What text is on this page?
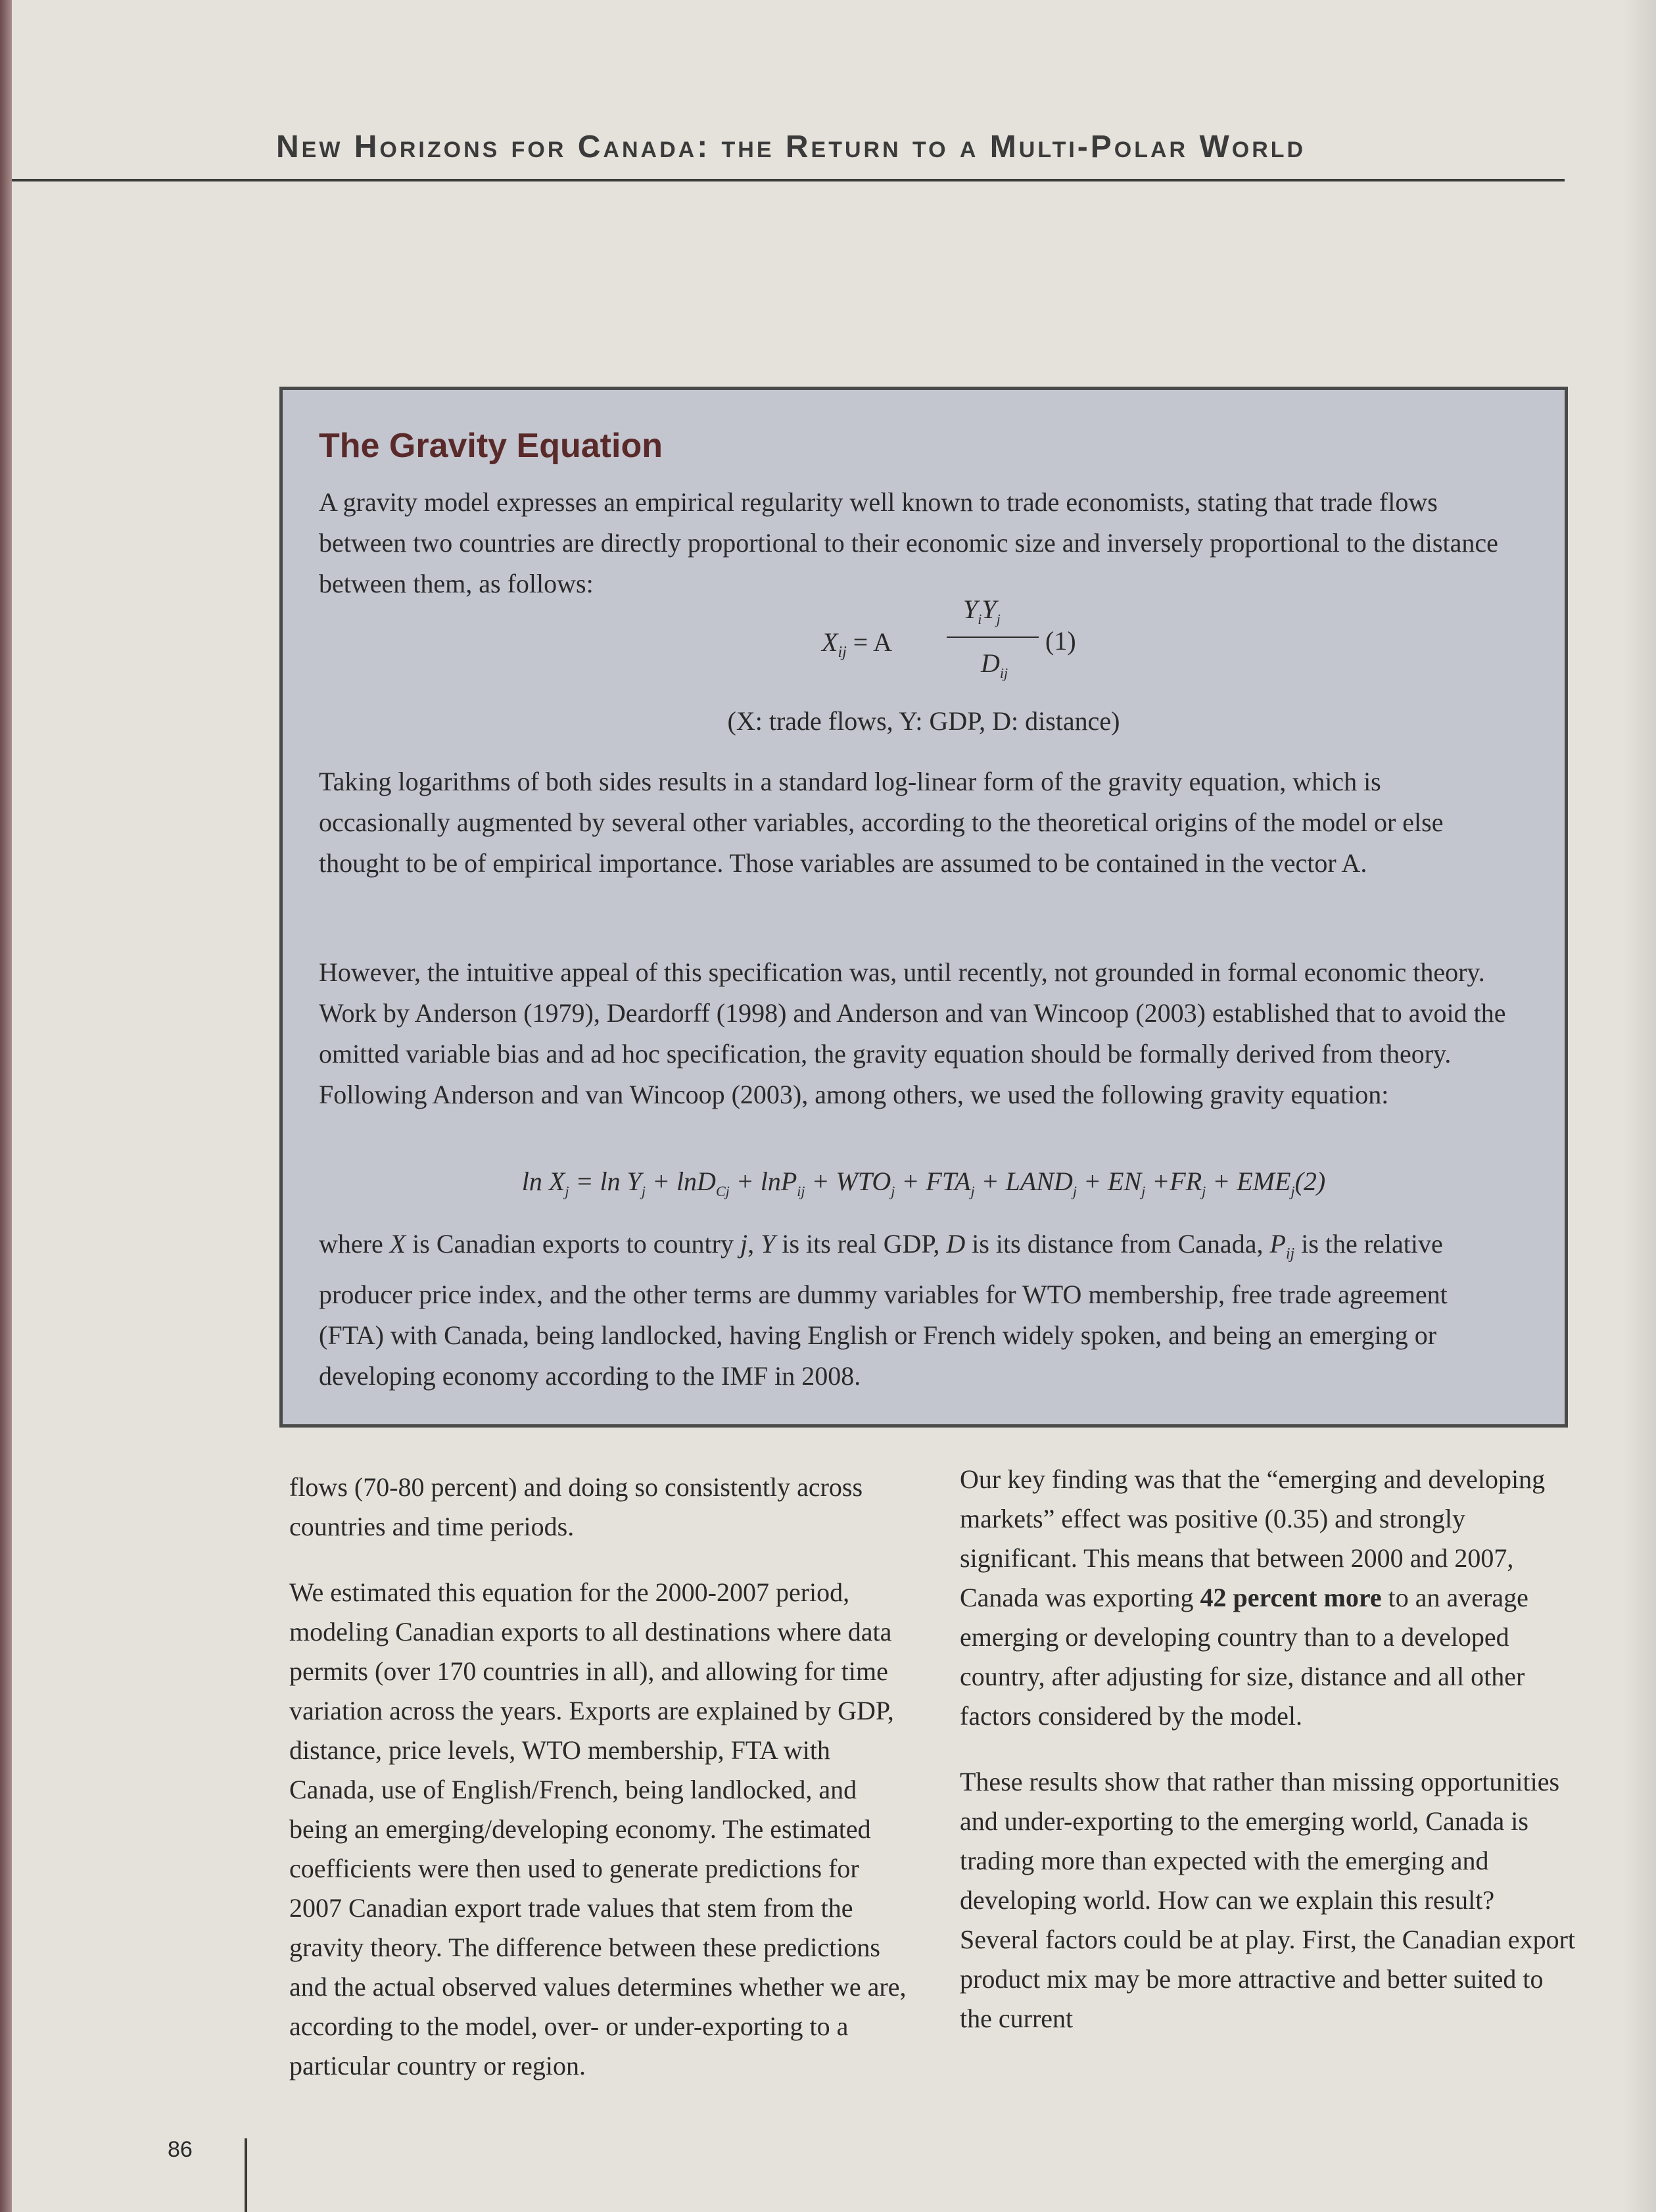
New Horizons for Canada: the Return to a Multi-Polar World
The Gravity Equation

A gravity model expresses an empirical regularity well known to trade economists, stating that trade flows between two countries are directly proportional to their economic size and inversely proportional to the distance between them, as follows:

$X_{ij} = A$
$Y_iY_j$
$D_{ij}$
(1)
(X: trade flows, Y: GDP, D: distance)

Taking logarithms of both sides results in a standard log-linear form of the gravity equation, which is occasionally augmented by several other variables, according to the theoretical origins of the model or else thought to be of empirical importance. Those variables are assumed to be contained in the vector A.

However, the intuitive appeal of this specification was, until recently, not grounded in formal economic theory. Work by Anderson (1979), Deardorff (1998) and Anderson and van Wincoop (2003) established that to avoid the omitted variable bias and ad hoc specification, the gravity equation should be formally derived from theory. Following Anderson and van Wincoop (2003), among others, we used the following gravity equation:

$\ln X_j = \ln Y_j + \ln D_{Cj} + \ln P_{ij} + WTO_j + FTA_j$ + $LAND_j + EN_j +FR_j + EME_j(2)$

where X is Canadian exports to country j, Y is its real GDP, D is its distance from Canada, $P_{ij}$ is the relative producer price index, and the other terms are dummy variables for WTO membership, free trade agreement (FTA) with Canada, being landlocked, having English or French widely spoken, and being an emerging or developing economy according to the IMF in 2008.

flows (70-80 percent) and doing so consistently across countries and time periods.

We estimated this equation for the 2000-2007 period, modeling Canadian exports to all destinations where data permits (over 170 countries in all), and allowing for time variation across the years. Exports are explained by GDP, distance, price levels, WTO membership, FTA with Canada, use of English/French, being landlocked, and being an emerging/developing economy. The estimated coefficients were then used to generate predictions for 2007 Canadian export trade values that stem from the gravity theory. The difference between these predictions and the actual observed values determines whether we are, according to the model, over- or under-exporting to a particular country or region.

Our key finding was that the “emerging and developing markets” effect was positive (0.35) and strongly significant. This means that between 2000 and 2007, Canada was exporting 42 percent more to an average emerging or developing country than to a developed country, after adjusting for size, distance and all other factors considered by the model.

These results show that rather than missing opportunities and under-exporting to the emerging world, Canada is trading more than expected with the emerging and developing world. How can we explain this result? Several factors could be at play. First, the Canadian export product mix may be more attractive and better suited to the current

86
